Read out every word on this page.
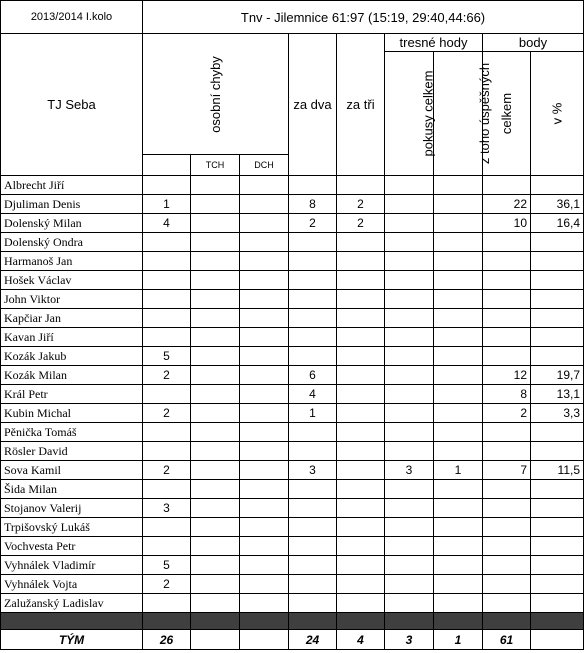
2013/2014 I.kolo	Tnv - Jilemnice 61:97 (15:19, 29:40,44:66)								
TJ Seba	osobní chyby			za dva	za tři	tresné hody		body	
						pokusy celkem	z toho úspěšných	celkem	v %
		TCH	DCH						
Albrecht Jiří									
Djuliman Denis	1			8	2			22	36,1
Dolenský Milan	4			2	2			10	16,4
Dolenský Ondra									
Harmanoš Jan									
Hošek Václav									
John Viktor									
Kapčiar Jan									
Kavan Jiří									
Kozák Jakub	5								
Kozák Milan	2			6				12	19,7
Král Petr				4				8	13,1
Kubin Michal	2			1				2	3,3
Pěnička Tomáš									
Rösler David									
Sova Kamil	2			3		3	1	7	11,5
Šida Milan									
Stojanov Valerij	3								
Trpišovský Lukáš									
Vochvesta Petr									
Vyhnálek Vladimír	5								
Vyhnálek Vojta	2								
Zalužanský Ladislav									

TÝM	26			24	4	3	1	61	
